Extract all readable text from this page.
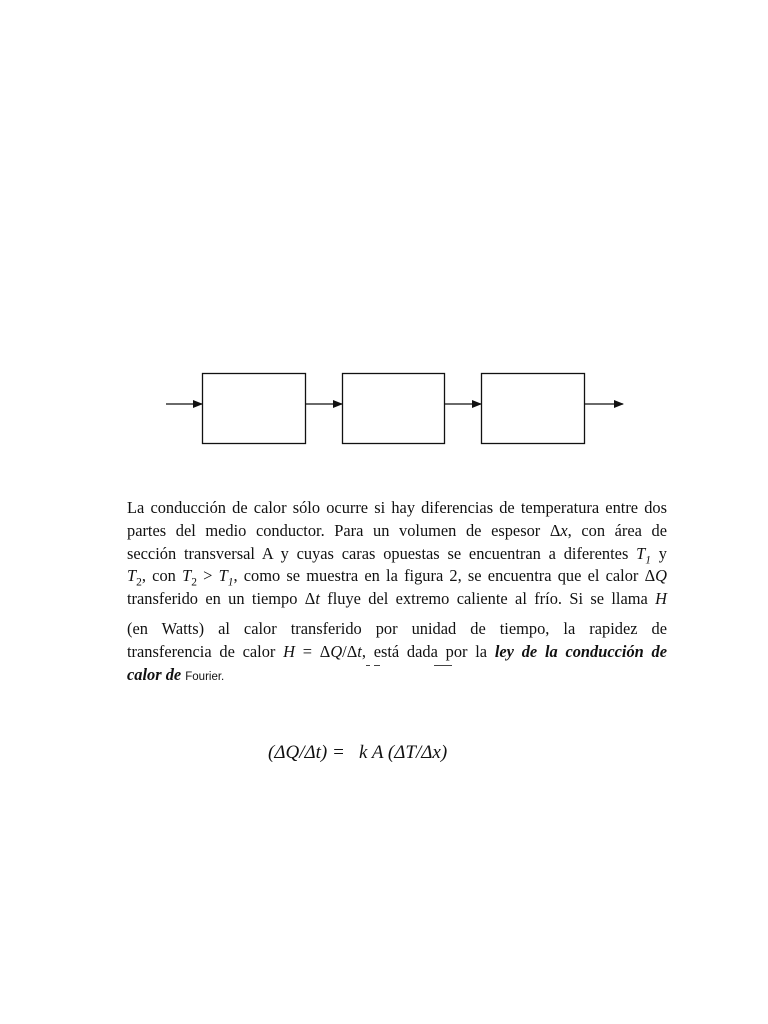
La conducción de calor sólo ocurre si hay diferencias de temperatura entre dos
partes del medio conductor. Para un volumen de espesor Δx, con área de
sección transversal A y cuyas caras opuestas se encuentran a diferentes $T_1$ y
$T_2$, con $T_2 > T_1$, como se muestra en la figura 2, se encuentra que el calor ΔQ
transferido en un tiempo Δt fluye del extremo caliente al frío. Si se llama H
(en Watts) al calor transferido por unidad de tiempo, la rapidez de
transferencia de calor H = ΔQ/Δt, está dada por la ley de la conducción de
calor de Fourier.
(ΔQ/Δt) =   k A (ΔT/Δx)
